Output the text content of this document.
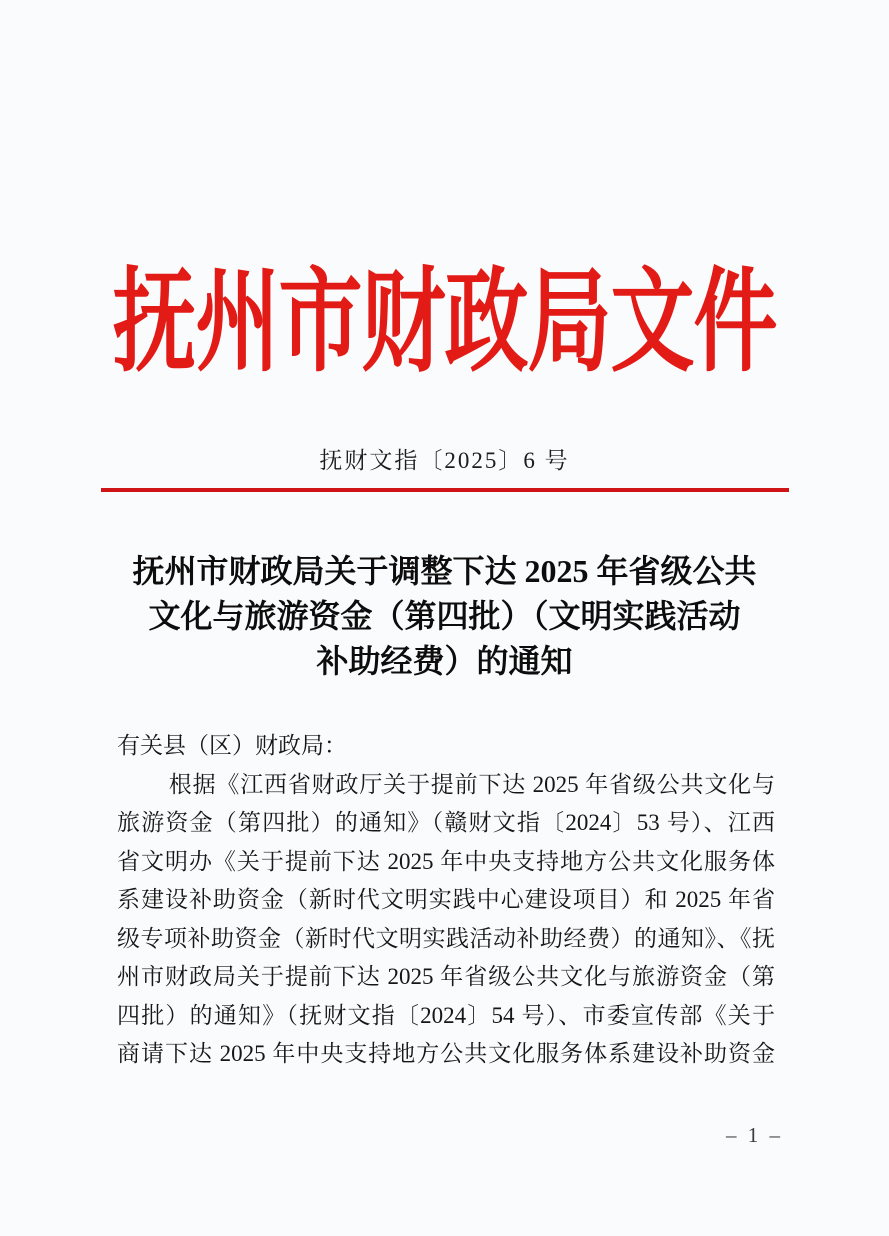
抚州市财政局文件
抚财文指〔2025〕6 号
抚州市财政局关于调整下达 2025 年省级公共
文化与旅游资金（第四批）（文明实践活动
补助经费）的通知
有关县（区）财政局：
根据《江西省财政厅关于提前下达 2025 年省级公共文化与
旅游资金（第四批）的通知》（赣财文指〔2024〕53 号）、江西
省文明办《关于提前下达 2025 年中央支持地方公共文化服务体
系建设补助资金（新时代文明实践中心建设项目）和 2025 年省
级专项补助资金（新时代文明实践活动补助经费）的通知》、《抚
州市财政局关于提前下达 2025 年省级公共文化与旅游资金（第
四批）的通知》（抚财文指〔2024〕54 号）、市委宣传部《关于
商请下达 2025 年中央支持地方公共文化服务体系建设补助资金
– 1 –
